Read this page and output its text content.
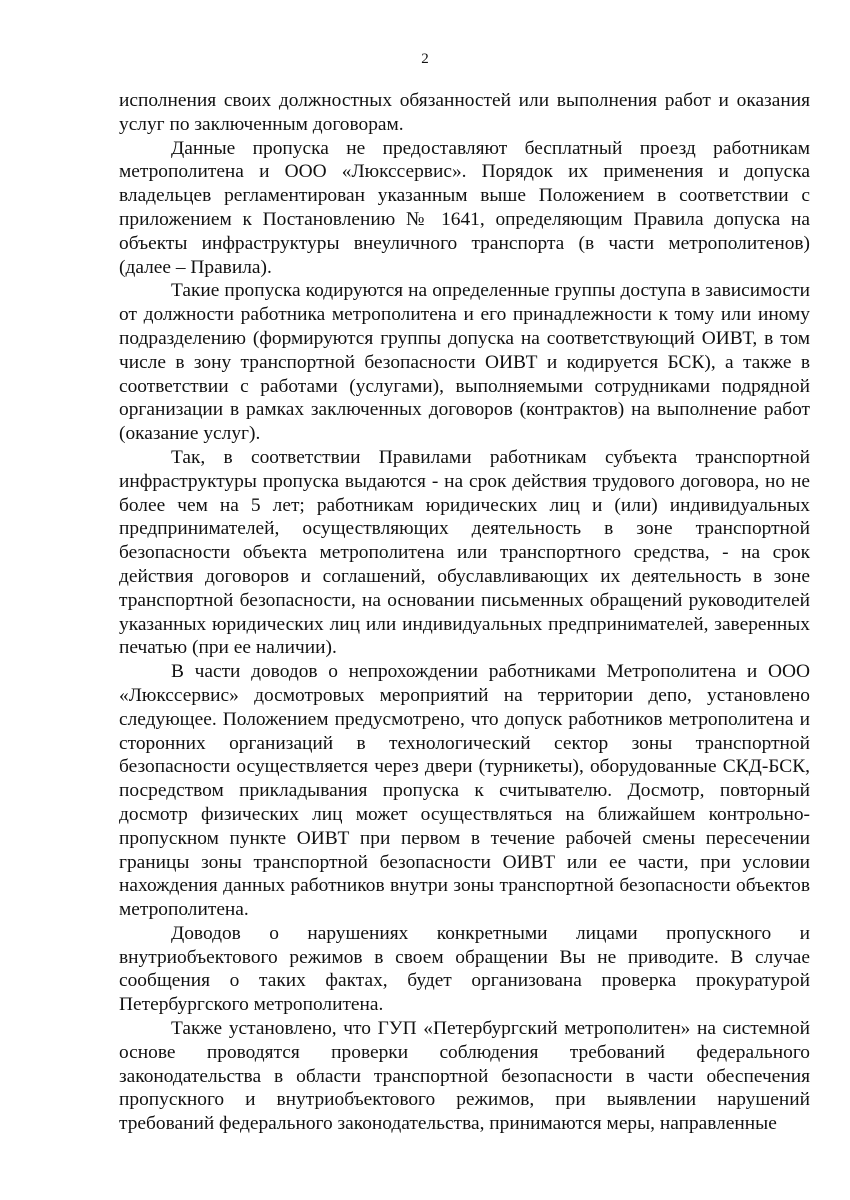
2

исполнения своих должностных обязанностей или выполнения работ и оказания услуг по заключенным договорам.

Данные пропуска не предоставляют бесплатный проезд работникам метрополитена и ООО «Люкссервис». Порядок их применения и допуска владельцев регламентирован указанным выше Положением в соответствии с приложением к Постановлению № 1641, определяющим Правила допуска на объекты инфраструктуры внеуличного транспорта (в части метрополитенов) (далее – Правила).

Такие пропуска кодируются на определенные группы доступа в зависимости от должности работника метрополитена и его принадлежности к тому или иному подразделению (формируются группы допуска на соответствующий ОИВТ, в том числе в зону транспортной безопасности ОИВТ и кодируется БСК), а также в соответствии с работами (услугами), выполняемыми сотрудниками подрядной организации в рамках заключенных договоров (контрактов) на выполнение работ (оказание услуг).

Так, в соответствии Правилами работникам субъекта транспортной инфраструктуры пропуска выдаются - на срок действия трудового договора, но не более чем на 5 лет; работникам юридических лиц и (или) индивидуальных предпринимателей, осуществляющих деятельность в зоне транспортной безопасности объекта метрополитена или транспортного средства, - на срок действия договоров и соглашений, обуславливающих их деятельность в зоне транспортной безопасности, на основании письменных обращений руководителей указанных юридических лиц или индивидуальных предпринимателей, заверенных печатью (при ее наличии).

В части доводов о непрохождении работниками Метрополитена и ООО «Люкссервис» досмотровых мероприятий на территории депо, установлено следующее. Положением предусмотрено, что допуск работников метрополитена и сторонних организаций в технологический сектор зоны транспортной безопасности осуществляется через двери (турникеты), оборудованные СКД-БСК, посредством прикладывания пропуска к считывателю. Досмотр, повторный досмотр физических лиц может осуществляться на ближайшем контрольно-пропускном пункте ОИВТ при первом в течение рабочей смены пересечении границы зоны транспортной безопасности ОИВТ или ее части, при условии нахождения данных работников внутри зоны транспортной безопасности объектов метрополитена.

Доводов о нарушениях конкретными лицами пропускного и внутриобъектового режимов в своем обращении Вы не приводите. В случае сообщения о таких фактах, будет организована проверка прокуратурой Петербургского метрополитена.

Также установлено, что ГУП «Петербургский метрополитен» на системной основе проводятся проверки соблюдения требований федерального законодательства в области транспортной безопасности в части обеспечения пропускного и внутриобъектового режимов, при выявлении нарушений требований федерального законодательства, принимаются меры, направленные
